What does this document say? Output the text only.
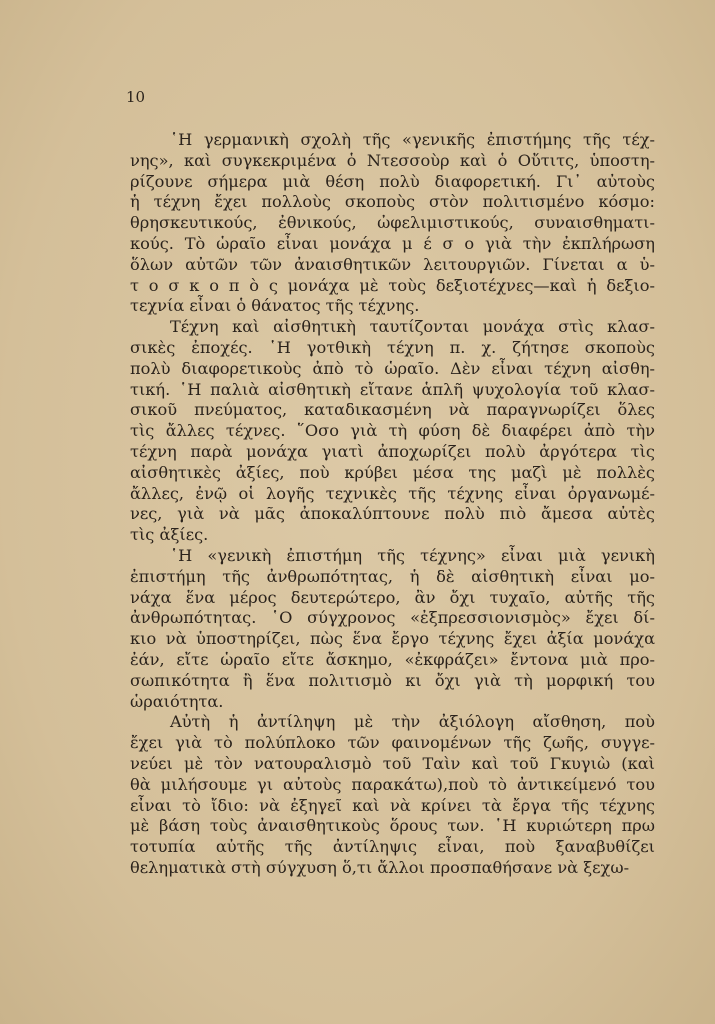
10
῾Η γερμανικὴ σχολὴ τῆς «γενικῆς ἐπιστήμης τῆς τέχ-
νης», καὶ συγκεκριμένα ὁ Ντεσσοὺρ καὶ ὁ Οὔτιτς, ὑποστη-
ρίζουνε σήμερα μιὰ θέση πολὺ διαφορετική. Γι᾿ αὐτοὺς
ἡ τέχνη ἔχει πολλοὺς σκοποὺς στὸν πολιτισμένο κόσμο:
θρησκευτικούς, ἐθνικούς, ὠφελιμιστικούς, συναισθηματι-
κούς. Τὸ ὡραῖο εἶναι μονάχα μ έ σ ο γιὰ τὴν ἐκπλήρωση
ὅλων αὐτῶν τῶν ἀναισθητικῶν λειτουργιῶν. Γίνεται α ὑ-
τ ο σ κ ο π ὸ ς μονάχα μὲ τοὺς δεξιοτέχνες—καὶ ἡ δεξιο-
τεχνία εἶναι ὁ θάνατος τῆς τέχνης.
Τέχνη καὶ αἰσθητικὴ ταυτίζονται μονάχα στὶς κλασ-
σικὲς ἐποχές. ῾Η γοτθικὴ τέχνη π. χ. ζήτησε σκοποὺς
πολὺ διαφορετικοὺς ἀπὸ τὸ ὡραῖο. Δὲν εἶναι τέχνη αἰσθη-
τική. ῾Η παλιὰ αἰσθητικὴ εἴτανε ἁπλῆ ψυχολογία τοῦ κλασ-
σικοῦ πνεύματος, καταδικασμένη νὰ παραγνωρίζει ὅλες
τὶς ἄλλες τέχνες. ῞Οσο γιὰ τὴ φύση δὲ διαφέρει ἀπὸ τὴν
τέχνη παρὰ μονάχα γιατὶ ἀποχωρίζει πολὺ ἀργότερα τὶς
αἰσθητικὲς ἀξίες, ποὺ κρύβει μέσα της μαζὶ μὲ πολλὲς
ἄλλες, ἐνῷ οἱ λογῆς τεχνικὲς τῆς τέχνης εἶναι ὀργανωμέ-
νες, γιὰ νὰ μᾶς ἀποκαλύπτουνε πολὺ πιὸ ἄμεσα αὐτὲς
τὶς ἀξίες.
῾Η «γενικὴ ἐπιστήμη τῆς τέχνης» εἶναι μιὰ γενικὴ
ἐπιστήμη τῆς ἀνθρωπότητας, ἡ δὲ αἰσθητικὴ εἶναι μο-
νάχα ἕνα μέρος δευτερώτερο, ἂν ὄχι τυχαῖο, αὐτῆς τῆς
ἀνθρωπότητας. ῾Ο σύγχρονος «ἐξπρεσσιονισμὸς» ἔχει δί-
κιο νὰ ὑποστηρίζει, πὼς ἕνα ἔργο τέχνης ἔχει ἀξία μονάχα
ἐάν, εἴτε ὡραῖο εἴτε ἄσκημο, «ἐκφράζει» ἔντονα μιὰ προ-
σωπικότητα ἢ ἕνα πολιτισμὸ κι ὄχι γιὰ τὴ μορφική του
ὡραιότητα.
Αὐτὴ ἡ ἀντίληψη μὲ τὴν ἀξιόλογη αἴσθηση, ποὺ
ἔχει γιὰ τὸ πολύπλοκο τῶν φαινομένων τῆς ζωῆς, συγγε-
νεύει μὲ τὸν νατουραλισμὸ τοῦ Ταὶν καὶ τοῦ Γκυγιὼ (καὶ
θὰ μιλήσουμε γι αὐτοὺς παρακάτω),ποὺ τὸ ἀντικείμενό του
εἶναι τὸ ἴδιο: νὰ ἐξηγεῖ καὶ νὰ κρίνει τὰ ἔργα τῆς τέχνης
μὲ βάση τοὺς ἀναισθητικοὺς ὅρους των. ῾Η κυριώτερη πρω
τοτυπία αὐτῆς τῆς ἀντίληψις εἶναι, ποὺ ξαναβυθίζει
θεληματικὰ στὴ σύγχυση ὅ,τι ἄλλοι προσπαθήσανε νὰ ξεχω-
